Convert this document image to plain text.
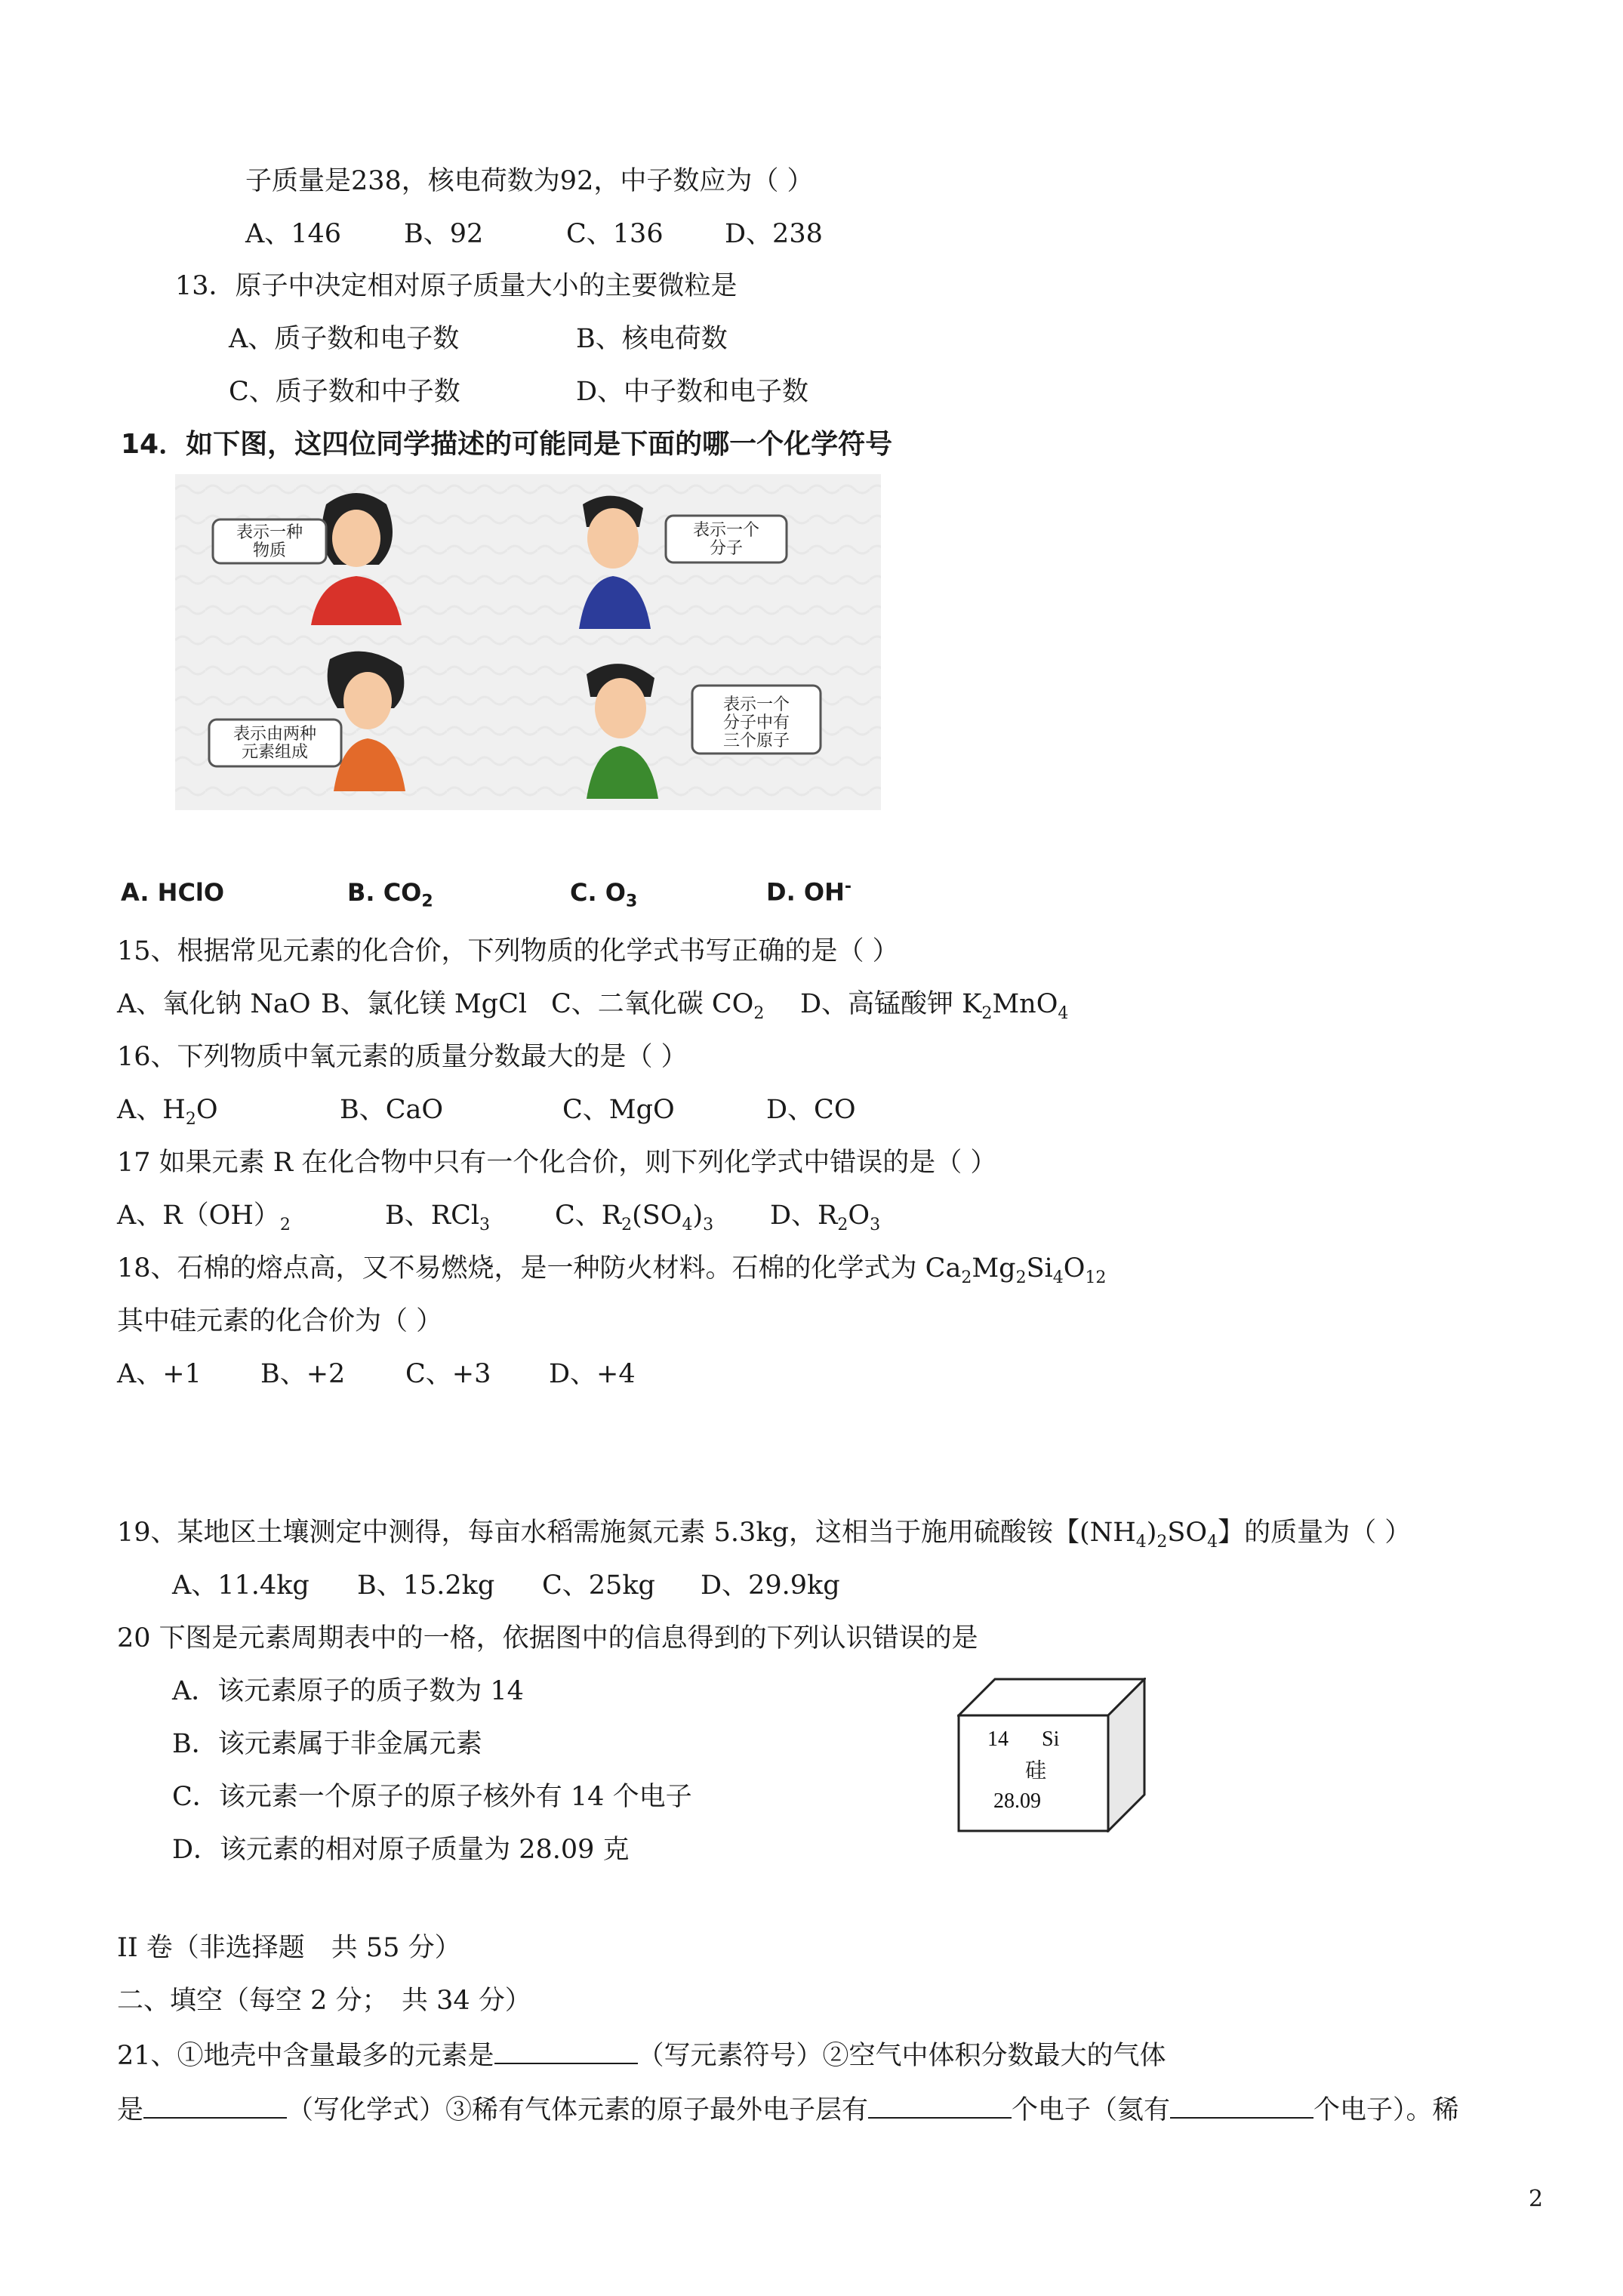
子质量是238，核电荷数为92，中子数应为（ ）
A、146 B、92	C、136 D、238
13．原子中决定相对原子质量大小的主要微粒是
A、质子数和电子数	B、核电荷数
C、质子数和中子数	D、中子数和电子数
14．如下图，这四位同学描述的可能同是下面的哪一个化学符号
表示一种
物质
表示一个
分子
表示由两种
元素组成
表示一个
分子中有
三个原子
A. HClO	B. $CO_2$	C. $O_3$	D. OH-
15、根据常见元素的化合价，下列物质的化学式书写正确的是（ ）
A、氧化钠 NaO B、氯化镁 MgCl C、二氧化碳 $CO_2$ D、高锰酸钾 $K_2MnO_4$
16、下列物质中氧元素的质量分数最大的是（ ）
A、$H_2O$	B、CaO	C、MgO	D、CO
17 如果元素 R 在化合物中只有一个化合价，则下列化学式中错误的是（ ）
A、$R(OH)_2$	B、RCl$_3$ C、$R_2(SO_4)_3$ D、$R_2O_3$
18、石棉的熔点高，又不易燃烧，是一种防火材料。石棉的化学式为 $Ca_2Mg_2Si_4O_{12}$
其中硅元素的化合价为（ ）
A、+1 B、+2 C、+3 D、+4
19、某地区土壤测定中测得，每亩水稻需施氮元素 5.3kg，这相当于施用硫酸铵【$(NH_4)_2SO_4$】的质量为（ ）
A、11.4kg B、15.2kg C、25kg D、29.9kg
20 下图是元素周期表中的一格，依据图中的信息得到的下列认识错误的是
A．该元素原子的质子数为 14
B．该元素属于非金属元素
C．该元素一个原子的原子核外有 14 个电子
D．该元素的相对原子质量为 28.09 克
14 Si
硅
28.09
II 卷（非选择题　共 55 分）
二、填空（每空 2 分；　共 34 分）
21、①地壳中含量最多的元素是	（写元素符号）②空气中体积分数最大的气体
是	（写化学式）③稀有气体元素的原子最外电子层有	个电子（氦有	个电子）。稀
2
